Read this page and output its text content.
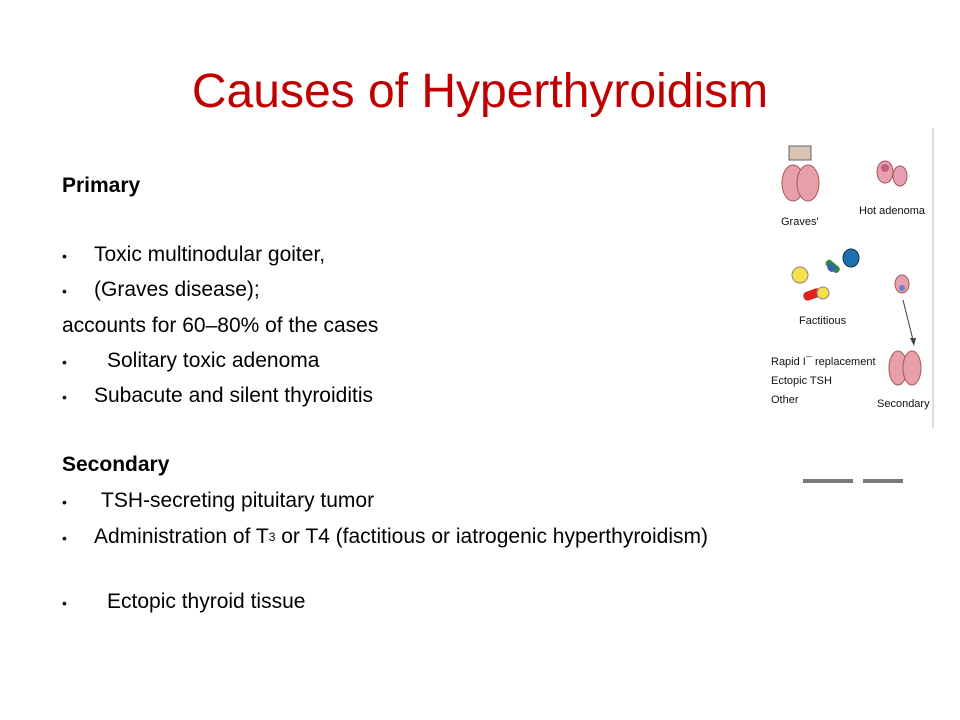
Causes of Hyperthyroidism
Primary
• Toxic multinodular goiter,
• (Graves disease);
accounts for 60–80% of the cases
• Solitary toxic adenoma
• Subacute and silent thyroiditis
Secondary
• TSH-secreting pituitary tumor
• Administration of $T_3$ or T4 (factitious or iatrogenic hyperthyroidism)
• Ectopic thyroid tissue
Graves'
Hot adenoma
Factitious
Secondary
Rapid I¯ replacement
Ectopic TSH
Other
